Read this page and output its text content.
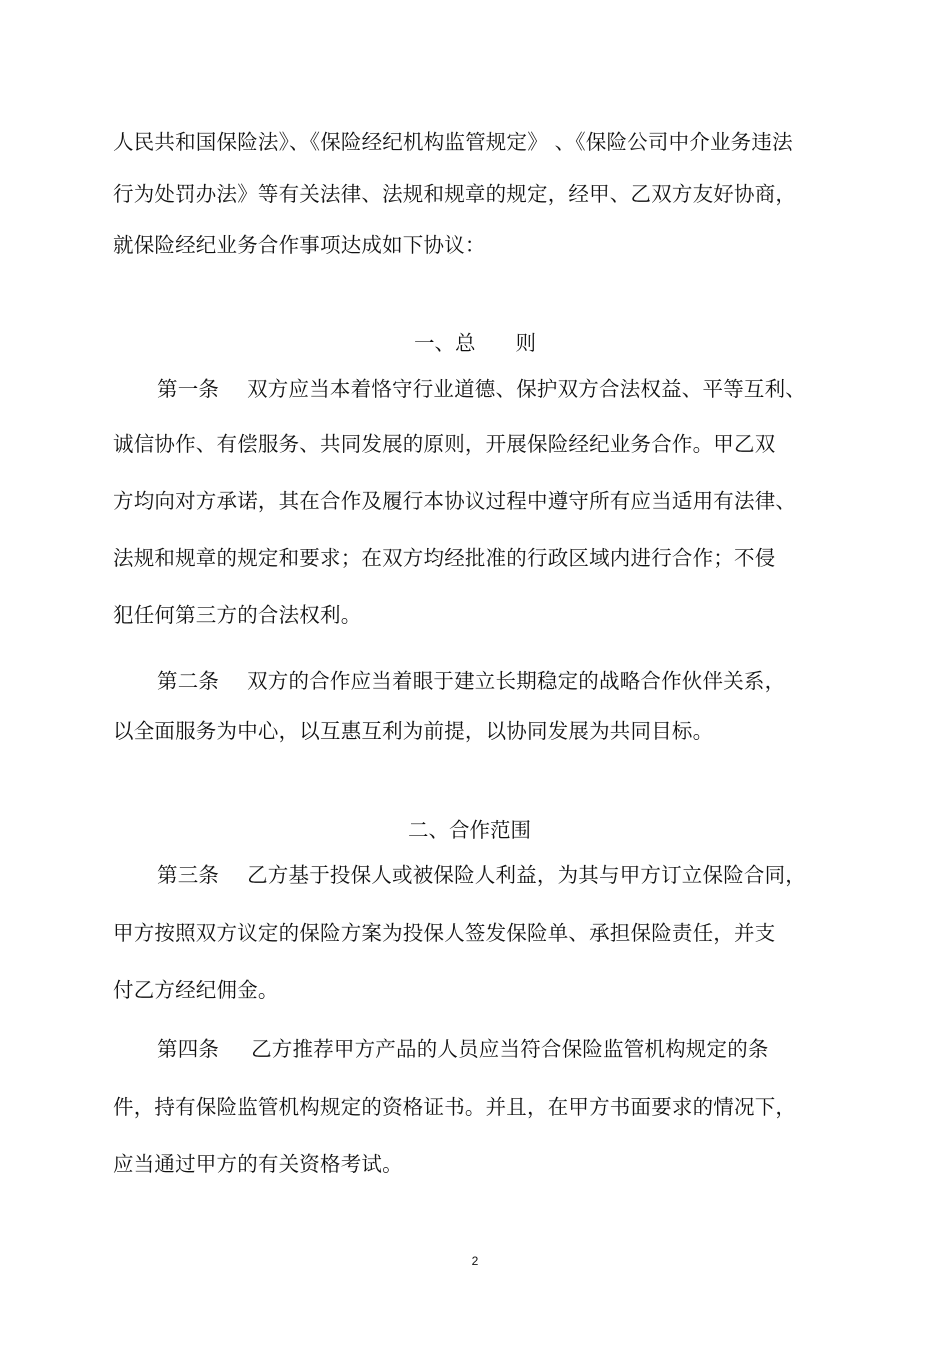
人民共和国保险法》、《保险经纪机构监管规定》 、《保险公司中介业务违法
行为处罚办法》等有关法律、法规和规章的规定，经甲、乙双方友好协商，
就保险经纪业务合作事项达成如下协议：
一、总 则
第一条 双方应当本着恪守行业道德、保护双方合法权益、平等互利、
诚信协作、有偿服务、共同发展的原则，开展保险经纪业务合作。甲乙双
方均向对方承诺，其在合作及履行本协议过程中遵守所有应当适用有法律、
法规和规章的规定和要求；在双方均经批准的行政区域内进行合作；不侵
犯任何第三方的合法权利。
第二条 双方的合作应当着眼于建立长期稳定的战略合作伙伴关系，
以全面服务为中心，以互惠互利为前提，以协同发展为共同目标。
二、合作范围
第三条 乙方基于投保人或被保险人利益，为其与甲方订立保险合同，
甲方按照双方议定的保险方案为投保人签发保险单、承担保险责任，并支
付乙方经纪佣金。
第四条 乙方推荐甲方产品的人员应当符合保险监管机构规定的条
件，持有保险监管机构规定的资格证书。并且，在甲方书面要求的情况下，
应当通过甲方的有关资格考试。
2
